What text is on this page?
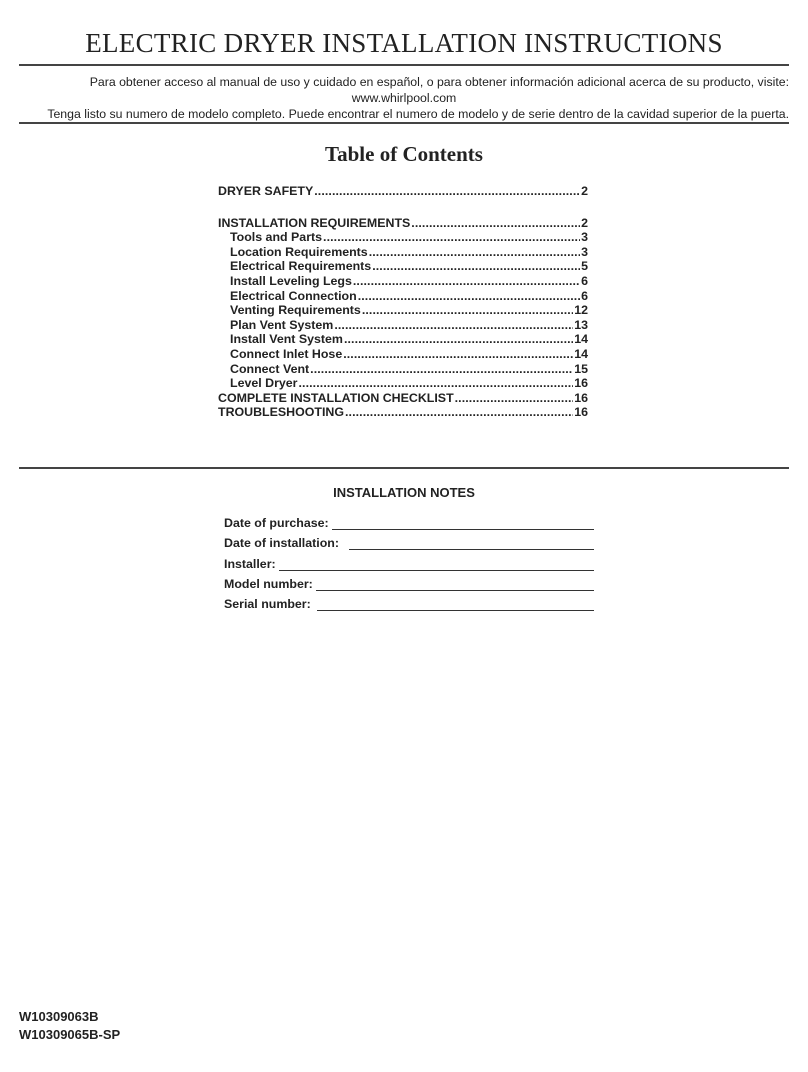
ELECTRIC DRYER INSTALLATION INSTRUCTIONS
Para obtener acceso al manual de uso y cuidado en español, o para obtener información adicional acerca de su producto, visite:
www.whirlpool.com
Tenga listo su numero de modelo completo. Puede encontrar el numero de modelo y de serie dentro de la cavidad superior de la puerta.
Table of Contents
DRYER SAFETY .....	2
INSTALLATION REQUIREMENTS .....	2
Tools and Parts .....	3
Location Requirements .....	3
Electrical Requirements .....	5
Install Leveling Legs .....	6
Electrical Connection .....	6
Venting Requirements .....	12
Plan Vent System .....	13
Install Vent System .....	14
Connect Inlet Hose .....	14
Connect Vent .....	15
Level Dryer .....	16
COMPLETE INSTALLATION CHECKLIST .....	16
TROUBLESHOOTING .....	16
INSTALLATION NOTES
Date of purchase:
Date of installation:
Installer:
Model number:
Serial number:
W10309063B
W10309065B-SP
